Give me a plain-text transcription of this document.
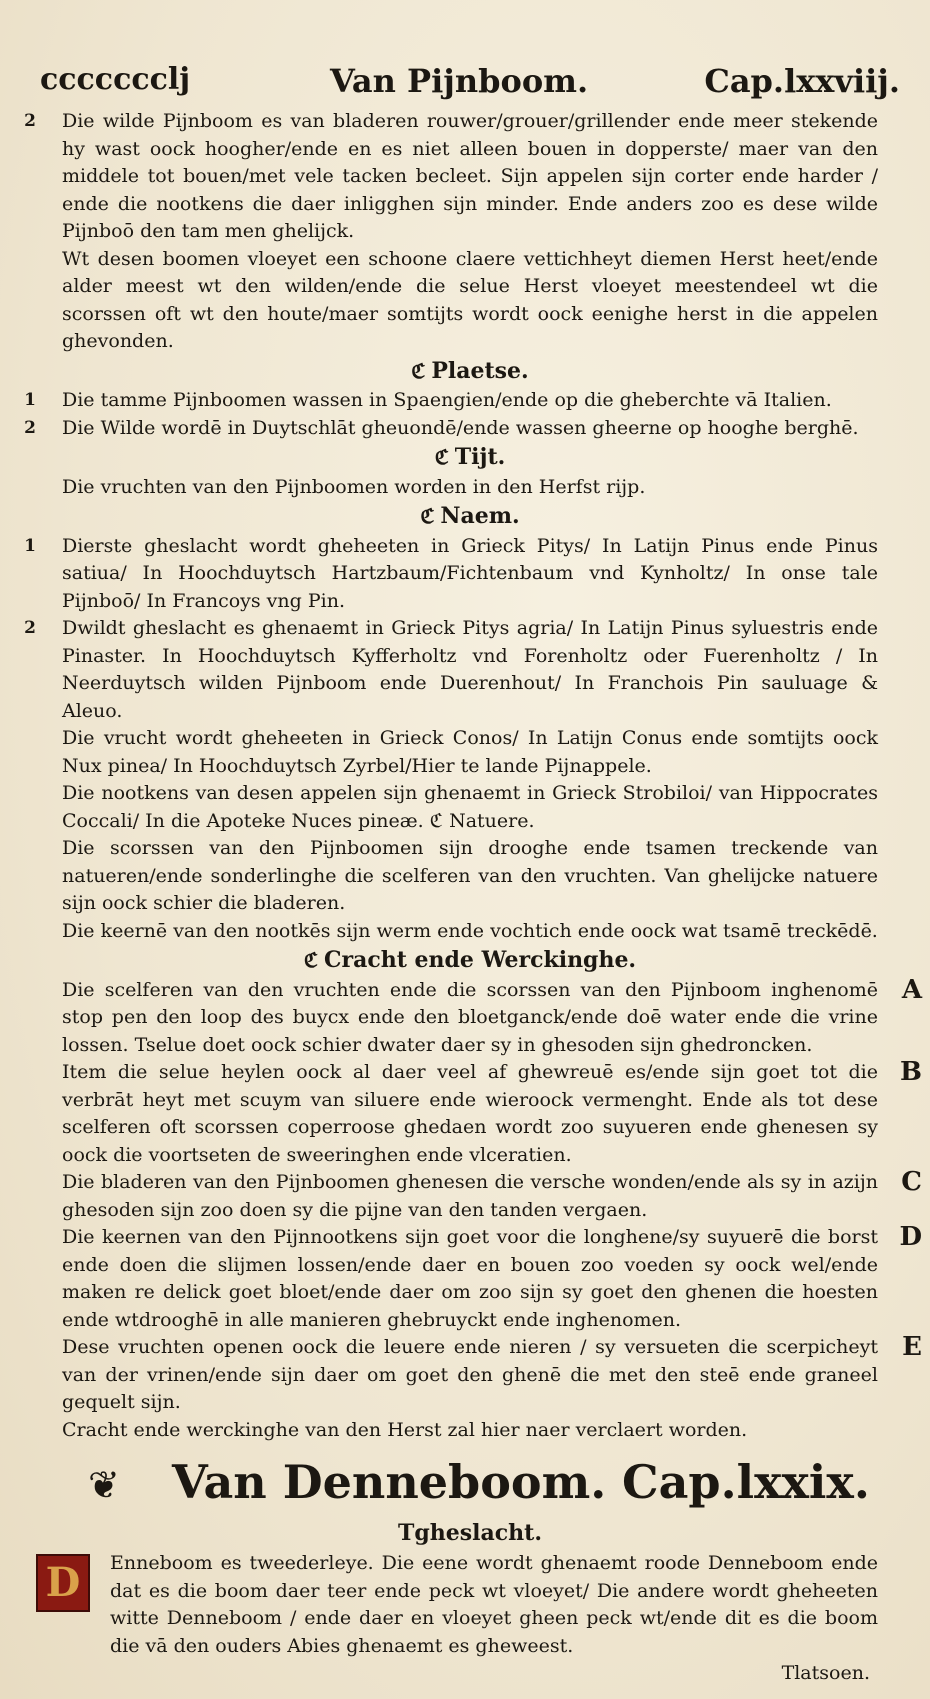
ccccccclj	Van Pijnboom.	Cap.lxxviij.

2 Die wilde Pijnboom es van bladeren rouwer/grouer/grillender ende meer stekende hy wast oock hoogher/ende en es niet alleen bouen in dopperste/ maer van den middele tot bouen/met vele tacken becleet. Sijn appelen sijn corter ende harder / ende die nootkens die daer inligghen sijn minder. Ende anders zoo es dese wilde Pijnboō den tam men ghelijck.

Wt desen boomen vloeyet een schoone claere vettichheyt diemen Herst heet/ende alder meest wt den wilden/ende die selue Herst vloeyet meestendeel wt die scorssen oft wt den houte/maer somtijts wordt oock eenighe herst in die appelen ghevonden.

ℭ Plaetse.

1 Die tamme Pijnboomen wassen in Spaengien/ende op die gheberchte vā Italien.

2 Die Wilde wordē in Duytschlāt gheuondē/ende wassen gheerne op hooghe berghē.

ℭ Tijt.

Die vruchten van den Pijnboomen worden in den Herfst rijp.

ℭ Naem.

1 Dierste gheslacht wordt gheheeten in Grieck Pitys/ In Latijn Pinus ende Pinus satiua/ In Hoochduytsch Hartzbaum/Fichtenbaum vnd Kynholtz/ In onse tale Pijnboō/ In Francoys vng Pin.

2 Dwildt gheslacht es ghenaemt in Grieck Pitys agria/ In Latijn Pinus syluestris ende Pinaster. In Hoochduytsch Kyfferholtz vnd Forenholtz oder Fuerenholtz / In Neerduytsch wilden Pijnboom ende Duerenhout/ In Franchois Pin sauluage & Aleuo.

Die vrucht wordt gheheeten in Grieck Conos/ In Latijn Conus ende somtijts oock Nux pinea/ In Hoochduytsch Zyrbel/Hier te lande Pijnappele.

Die nootkens van desen appelen sijn ghenaemt in Grieck Strobiloi/ van Hippocrates Coccali/ In die Apoteke Nuces pineæ. ℭ Natuere.

Die scorssen van den Pijnboomen sijn drooghe ende tsamen treckende van natueren/ende sonderlinghe die scelferen van den vruchten. Van ghelijcke natuere sijn oock schier die bladeren.

Die keernē van den nootkēs sijn werm ende vochtich ende oock wat tsamē treckēdē.

ℭ Cracht ende Werckinghe.

A
Die scelferen van den vruchten ende die scorssen van den Pijnboom inghenomē stop pen den loop des buycx ende den bloetganck/ende doē water ende die vrine lossen. Tselue doet oock schier dwater daer sy in ghesoden sijn ghedroncken.

B
Item die selue heylen oock al daer veel af ghewreuē es/ende sijn goet tot die verbrāt heyt met scuym van siluere ende wieroock vermenght. Ende als tot dese scelferen oft scorssen coperroose ghedaen wordt zoo suyueren ende ghenesen sy oock die voortseten de sweeringhen ende vlceratien.

C
Die bladeren van den Pijnboomen ghenesen die versche wonden/ende als sy in azijn ghesoden sijn zoo doen sy die pijne van den tanden vergaen.

D
Die keernen van den Pijnnootkens sijn goet voor die longhene/sy suyuerē die borst ende doen die slijmen lossen/ende daer en bouen zoo voeden sy oock wel/ende maken re delick goet bloet/ende daer om zoo sijn sy goet den ghenen die hoesten ende wtdrooghē in alle manieren ghebruyckt ende inghenomen.

E
Dese vruchten openen oock die leuere ende nieren / sy versueten die scerpicheyt van der vrinen/ende sijn daer om goet den ghenē die met den steē ende graneel gequelt sijn.

Cracht ende werckinghe van den Herst zal hier naer verclaert worden.

❦ Van Denneboom. Cap.lxxix.
Tgheslacht.

D	Enneboom es tweederleye. Die eene wordt ghenaemt roode Denneboom ende dat es die boom daer teer ende peck wt vloeyet/ Die andere wordt gheheeten witte Denneboom / ende daer en vloeyet gheen peck wt/ende dit es die boom die vā den ouders Abies ghenaemt es gheweest.

Tlatsoen.
